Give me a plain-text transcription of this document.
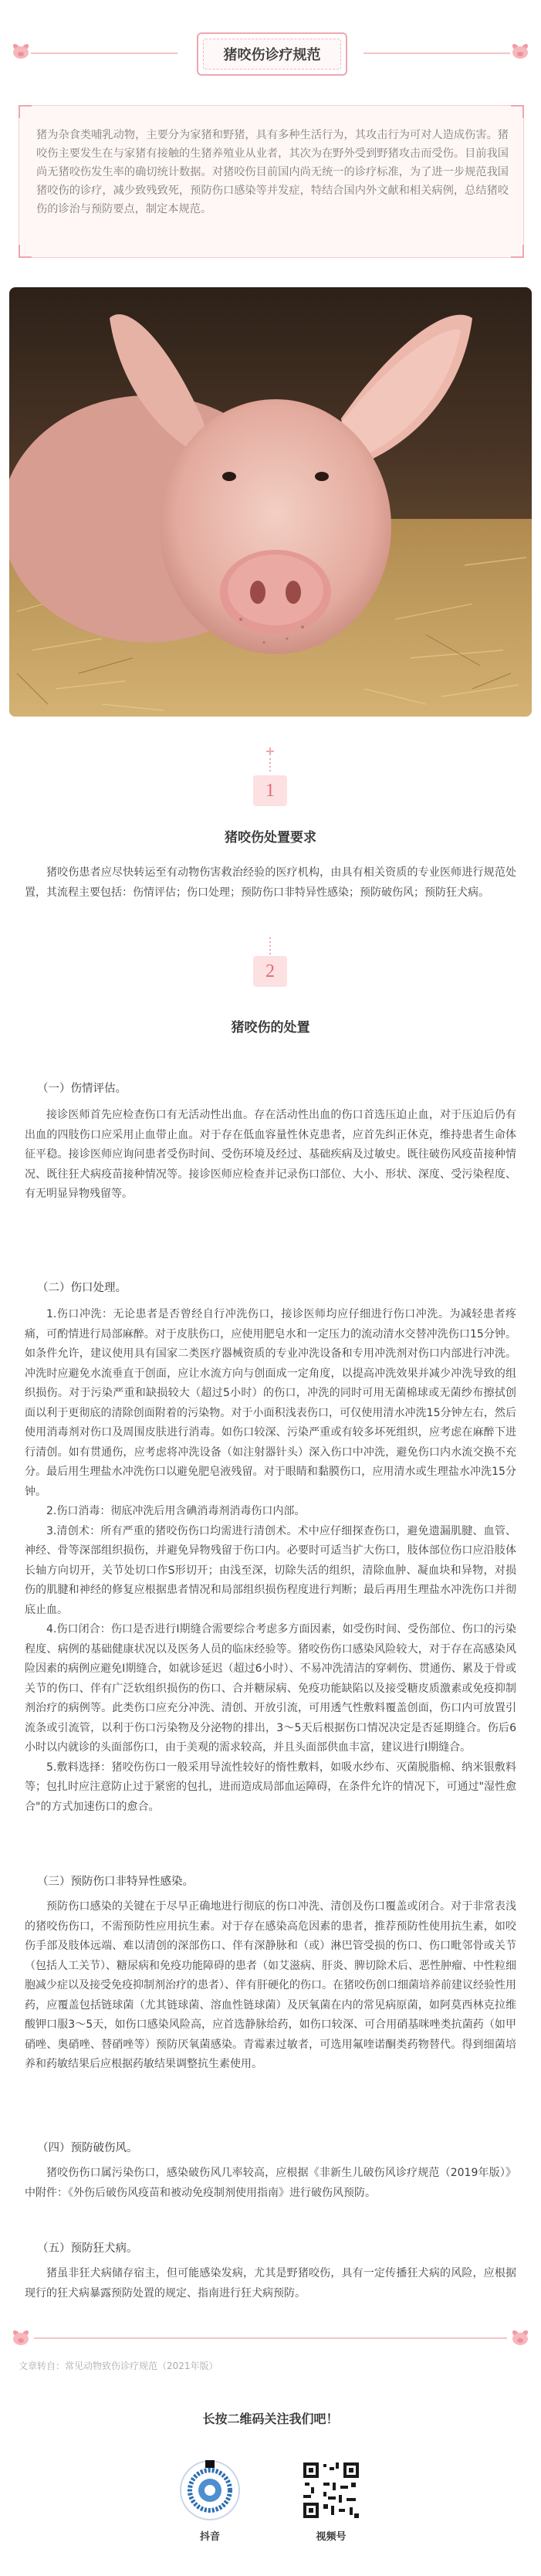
猪咬伤诊疗规范
猪为杂食类哺乳动物，主要分为家猪和野猪，具有多种生活行为，其攻击行为可对人造成伤害。猪咬伤主要发生在与家猪有接触的生猪养殖业从业者，其次为在野外受到野猪攻击而受伤。目前我国尚无猪咬伤发生率的确切统计数据。对猪咬伤目前国内尚无统一的诊疗标准，为了进一步规范我国猪咬伤的诊疗，减少致残致死，预防伤口感染等并发症，特结合国内外文献和相关病例，总结猪咬伤的诊治与预防要点，制定本规范。
1
猪咬伤处置要求

猪咬伤患者应尽快转运至有动物伤害救治经验的医疗机构，由具有相关资质的专业医师进行规范处置，其流程主要包括：伤情评估；伤口处理；预防伤口非特异性感染；预防破伤风；预防狂犬病。

2
猪咬伤的处置
（一）伤情评估。

接诊医师首先应检查伤口有无活动性出血。存在活动性出血的伤口首选压迫止血，对于压迫后仍有出血的四肢伤口应采用止血带止血。对于存在低血容量性休克患者，应首先纠正休克，维持患者生命体征平稳。接诊医师应询问患者受伤时间、受伤环境及经过、基础疾病及过敏史。既往破伤风疫苗接种情况、既往狂犬病疫苗接种情况等。接诊医师应检查并记录伤口部位、大小、形状、深度、受污染程度、有无明显异物残留等。

（二）伤口处理。

1.伤口冲洗：无论患者是否曾经自行冲洗伤口，接诊医师均应仔细进行伤口冲洗。为减轻患者疼痛，可酌情进行局部麻醉。对于皮肤伤口，应使用肥皂水和一定压力的流动清水交替冲洗伤口15分钟。如条件允许，建议使用具有国家二类医疗器械资质的专业冲洗设备和专用冲洗剂对伤口内部进行冲洗。冲洗时应避免水流垂直于创面，应让水流方向与创面成一定角度，以提高冲洗效果并减少冲洗导致的组织损伤。对于污染严重和缺损较大（超过5小时）的伤口，冲洗的同时可用无菌棉球或无菌纱布擦拭创面以利于更彻底的清除创面附着的污染物。对于小面积浅表伤口，可仅使用清水冲洗15分钟左右，然后使用消毒剂对伤口及周围皮肤进行消毒。如伤口较深、污染严重或有较多坏死组织，应考虑在麻醉下进行清创。如有贯通伤，应考虑将冲洗设备（如注射器针头）深入伤口中冲洗，避免伤口内水流交换不充分。最后用生理盐水冲洗伤口以避免肥皂液残留。对于眼睛和黏膜伤口，应用清水或生理盐水冲洗15分钟。

2.伤口消毒：彻底冲洗后用含碘消毒剂消毒伤口内部。

3.清创术：所有严重的猪咬伤伤口均需进行清创术。术中应仔细探查伤口，避免遗漏肌腱、血管、神经、骨等深部组织损伤，并避免异物残留于伤口内。必要时可适当扩大伤口，肢体部位伤口应沿肢体长轴方向切开，关节处切口作S形切开；由浅至深，切除失活的组织，清除血肿、凝血块和异物，对损伤的肌腱和神经的修复应根据患者情况和局部组织损伤程度进行判断；最后再用生理盐水冲洗伤口并彻底止血。

4.伤口闭合：伤口是否进行Ⅰ期缝合需要综合考虑多方面因素，如受伤时间、受伤部位、伤口的污染程度、病例的基础健康状况以及医务人员的临床经验等。猪咬伤伤口感染风险较大，对于存在高感染风险因素的病例应避免Ⅰ期缝合，如就诊延迟（超过6小时）、不易冲洗清洁的穿刺伤、贯通伤、累及于骨或关节的伤口、伴有广泛软组织损伤的伤口、合并糖尿病、免疫功能缺陷以及接受糖皮质激素或免疫抑制剂治疗的病例等。此类伤口应充分冲洗、清创、开放引流，可用透气性敷料覆盖创面，伤口内可放置引流条或引流管，以利于伤口污染物及分泌物的排出，3～5天后根据伤口情况决定是否延期缝合。伤后6小时以内就诊的头面部伤口，由于美观的需求较高，并且头面部供血丰富，建议进行Ⅰ期缝合。

5.敷料选择：猪咬伤伤口一般采用导流性较好的惰性敷料，如吸水纱布、灭菌脱脂棉、纳米银敷料等；包扎时应注意防止过于紧密的包扎，进而造成局部血运障碍，在条件允许的情况下，可通过"湿性愈合"的方式加速伤口的愈合。

（三）预防伤口非特异性感染。

预防伤口感染的关键在于尽早正确地进行彻底的伤口冲洗、清创及伤口覆盖或闭合。对于非常表浅的猪咬伤伤口，不需预防性应用抗生素。对于存在感染高危因素的患者，推荐预防性使用抗生素，如咬伤手部及肢体远端、难以清创的深部伤口、伴有深静脉和（或）淋巴管受损的伤口、伤口毗邻骨或关节（包括人工关节）、糖尿病和免疫功能障碍的患者（如艾滋病、肝炎、脾切除术后、恶性肿瘤、中性粒细胞减少症以及接受免疫抑制剂治疗的患者）、伴有肝硬化的伤口。在猪咬伤创口细菌培养前建议经验性用药，应覆盖包括链球菌（尤其链球菌、溶血性链球菌）及厌氧菌在内的常见病原菌，如阿莫西林克拉维酸钾口服3～5天，如伤口感染风险高，应首选静脉给药，如伤口较深、可合用硝基咪唑类抗菌药（如甲硝唑、奥硝唑、替硝唑等）预防厌氧菌感染。青霉素过敏者，可选用氟喹诺酮类药物替代。得到细菌培养和药敏结果后应根据药敏结果调整抗生素使用。

（四）预防破伤风。

猪咬伤伤口属污染伤口，感染破伤风几率较高，应根据《非新生儿破伤风诊疗规范（2019年版）》中附件：《外伤后破伤风疫苗和被动免疫制剂使用指南》进行破伤风预防。

（五）预防狂犬病。

猪虽非狂犬病储存宿主，但可能感染发病，尤其是野猪咬伤，具有一定传播狂犬病的风险，应根据现行的狂犬病暴露预防处置的规定、指南进行狂犬病预防。

文章转自：常见动物致伤诊疗规范（2021年版）
长按二维码关注我们吧！
抖音	视频号
